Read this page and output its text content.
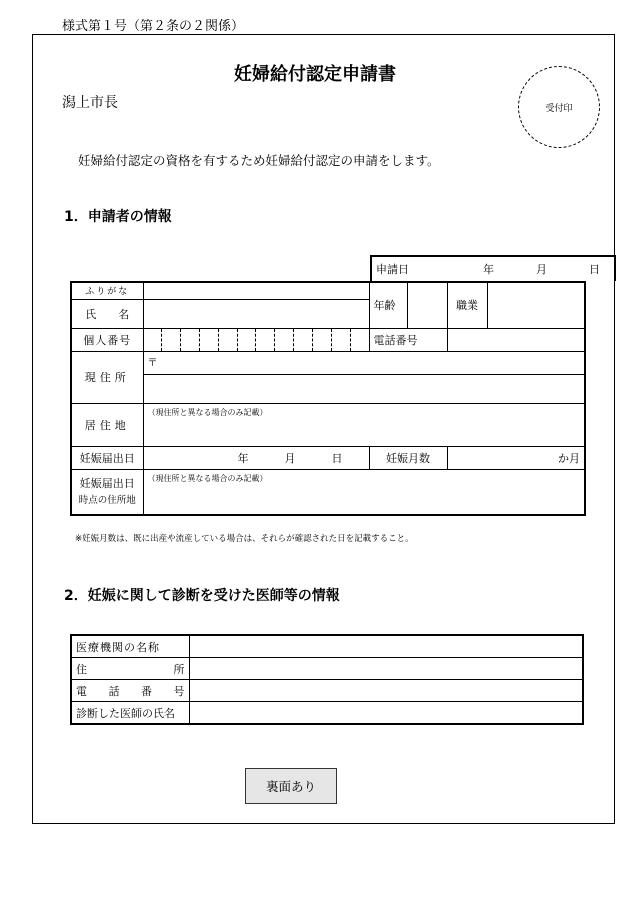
様式第１号（第２条の２関係）
妊婦給付認定申請書
潟上市長	受付印
妊婦給付認定の資格を有するため妊婦給付認定の申請をします。
1．申請者の情報
申請日	年	月	日
ふりがな		年齢		職業	
氏　　名					
個人番号		電話番号			
現住所	〒				

居住地	（現住所と異なる場合のみ記載）				
妊娠届出日	年 月 日	妊娠月数		か月	

妊娠届出日
時点の住所地	（現住所と異なる場合のみ記載）				
※妊娠月数は、既に出産や流産している場合は、それらが確認された日を記載すること。
2．妊娠に関して診断を受けた医師等の情報
医療機関の名称	

住 所	

電 話 番 号	

診断した医師の氏名	
裏面あり
